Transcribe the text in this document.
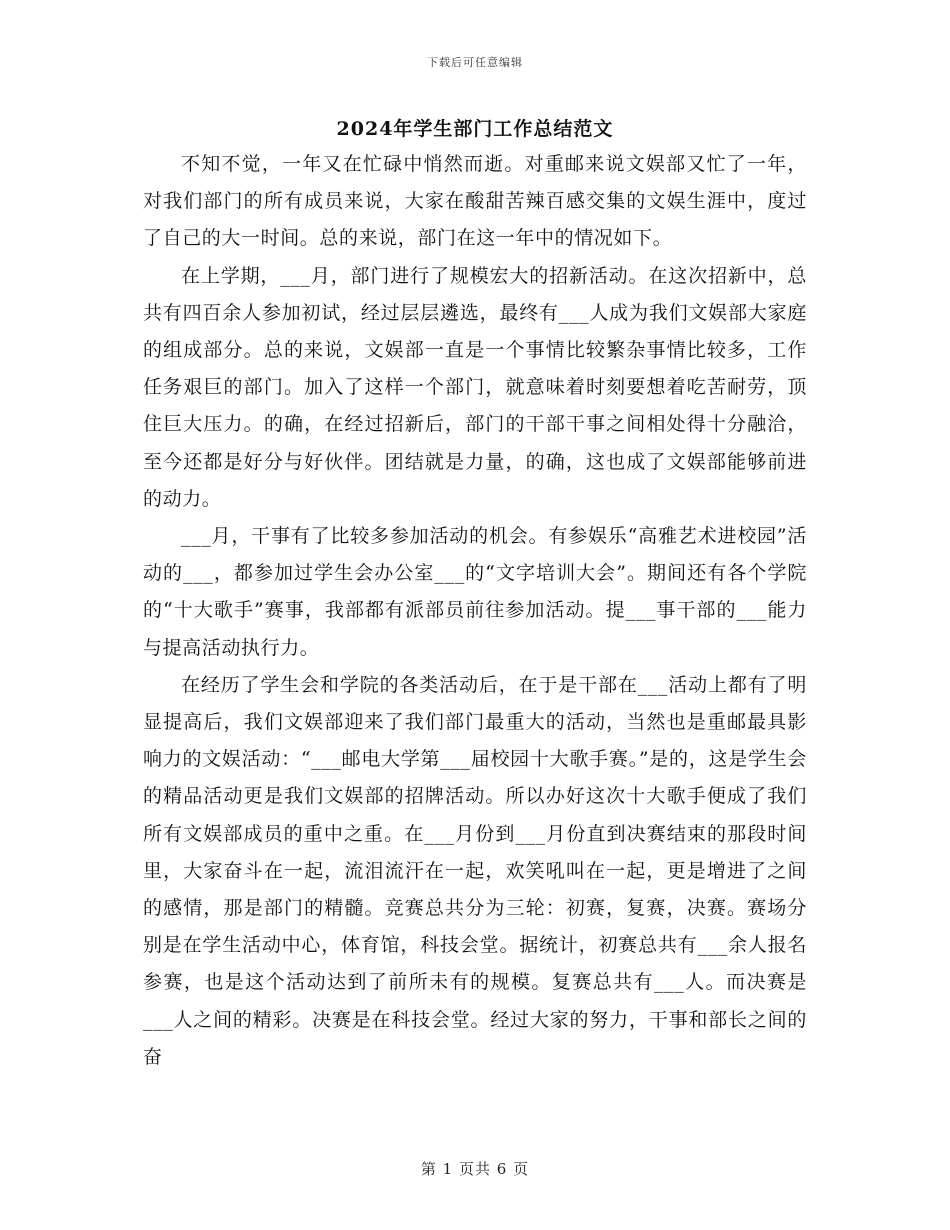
下载后可任意编辑
2024年学生部门工作总结范文

不知不觉，一年又在忙碌中悄然而逝。对重邮来说文娱部又忙了一年，对我们部门的所有成员来说，大家在酸甜苦辣百感交集的文娱生涯中，度过了自己的大一时间。总的来说，部门在这一年中的情况如下。

在上学期，___月，部门进行了规模宏大的招新活动。在这次招新中，总共有四百余人参加初试，经过层层遴选，最终有___人成为我们文娱部大家庭的组成部分。总的来说，文娱部一直是一个事情比较繁杂事情比较多，工作任务艰巨的部门。加入了这样一个部门，就意味着时刻要想着吃苦耐劳，顶住巨大压力。的确，在经过招新后，部门的干部干事之间相处得十分融洽，至今还都是好分与好伙伴。团结就是力量，的确，这也成了文娱部能够前进的动力。

___月，干事有了比较多参加活动的机会。有参娱乐“高雅艺术进校园”活动的___，都参加过学生会办公室___的“文字培训大会”。期间还有各个学院的“十大歌手”赛事，我部都有派部员前往参加活动。提___事干部的___能力与提高活动执行力。

在经历了学生会和学院的各类活动后，在于是干部在___活动上都有了明显提高后，我们文娱部迎来了我们部门最重大的活动，当然也是重邮最具影响力的文娱活动：“___邮电大学第___届校园十大歌手赛。”是的，这是学生会的精品活动更是我们文娱部的招牌活动。所以办好这次十大歌手便成了我们所有文娱部成员的重中之重。在___月份到___月份直到决赛结束的那段时间里，大家奋斗在一起，流泪流汗在一起，欢笑吼叫在一起，更是增进了之间的感情，那是部门的精髓。竞赛总共分为三轮：初赛，复赛，决赛。赛场分别是在学生活动中心，体育馆，科技会堂。据统计，初赛总共有___余人报名参赛，也是这个活动达到了前所未有的规模。复赛总共有___人。而决赛是___人之间的精彩。决赛是在科技会堂。经过大家的努力，干事和部长之间的奋

第 1 页共 6 页
